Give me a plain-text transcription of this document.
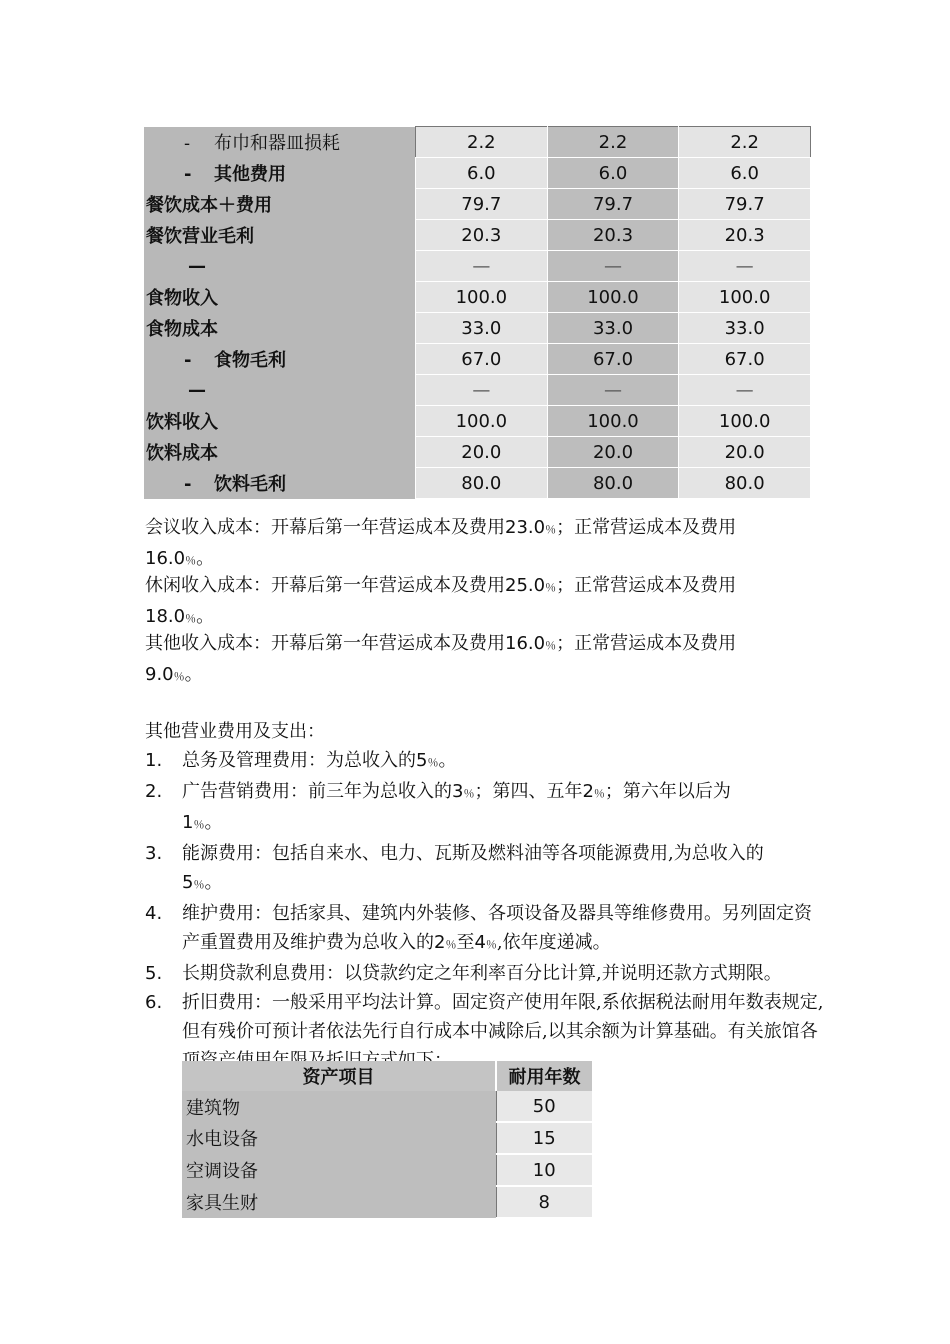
- 布巾和器皿损耗	2.2	2.2	2.2
- 其他费用	6.0	6.0	6.0
餐饮成本＋费用	79.7	79.7	79.7
餐饮营业毛利	20.3	20.3	20.3
—	—	—	—
食物收入	100.0	100.0	100.0
食物成本	33.0	33.0	33.0
- 食物毛利	67.0	67.0	67.0
—	—	—	—
饮料收入	100.0	100.0	100.0
饮料成本	20.0	20.0	20.0
- 饮料毛利	80.0	80.0	80.0
会议收入成本：开幕后第一年营运成本及费用23.0％；正常营运成本及费用
16.0％。
休闲收入成本：开幕后第一年营运成本及费用25.0％；正常营运成本及费用
18.0％。
其他收入成本：开幕后第一年营运成本及费用16.0％；正常营运成本及费用
9.0％。
其他营业费用及支出：
1. 总务及管理费用：为总收入的5％。
2. 广告营销费用：前三年为总收入的3％；第四、五年2％；第六年以后为
1％。
3. 能源费用：包括自来水、电力、瓦斯及燃料油等各项能源费用,为总收入的
5％。
4. 维护费用：包括家具、建筑内外装修、各项设备及器具等维修费用。另列固定资产重置费用及维护费为总收入的2％至4％,依年度递减。
5. 长期贷款利息费用：以贷款约定之年利率百分比计算,并说明还款方式期限。
6. 折旧费用：一般采用平均法计算。固定资产使用年限,系依据税法耐用年数表规定,但有残价可预计者依法先行自行成本中减除后,以其余额为计算基础。有关旅馆各
资产项目	耐用年数
建筑物	50
水电设备	15
空调设备	10
家具生财	8
